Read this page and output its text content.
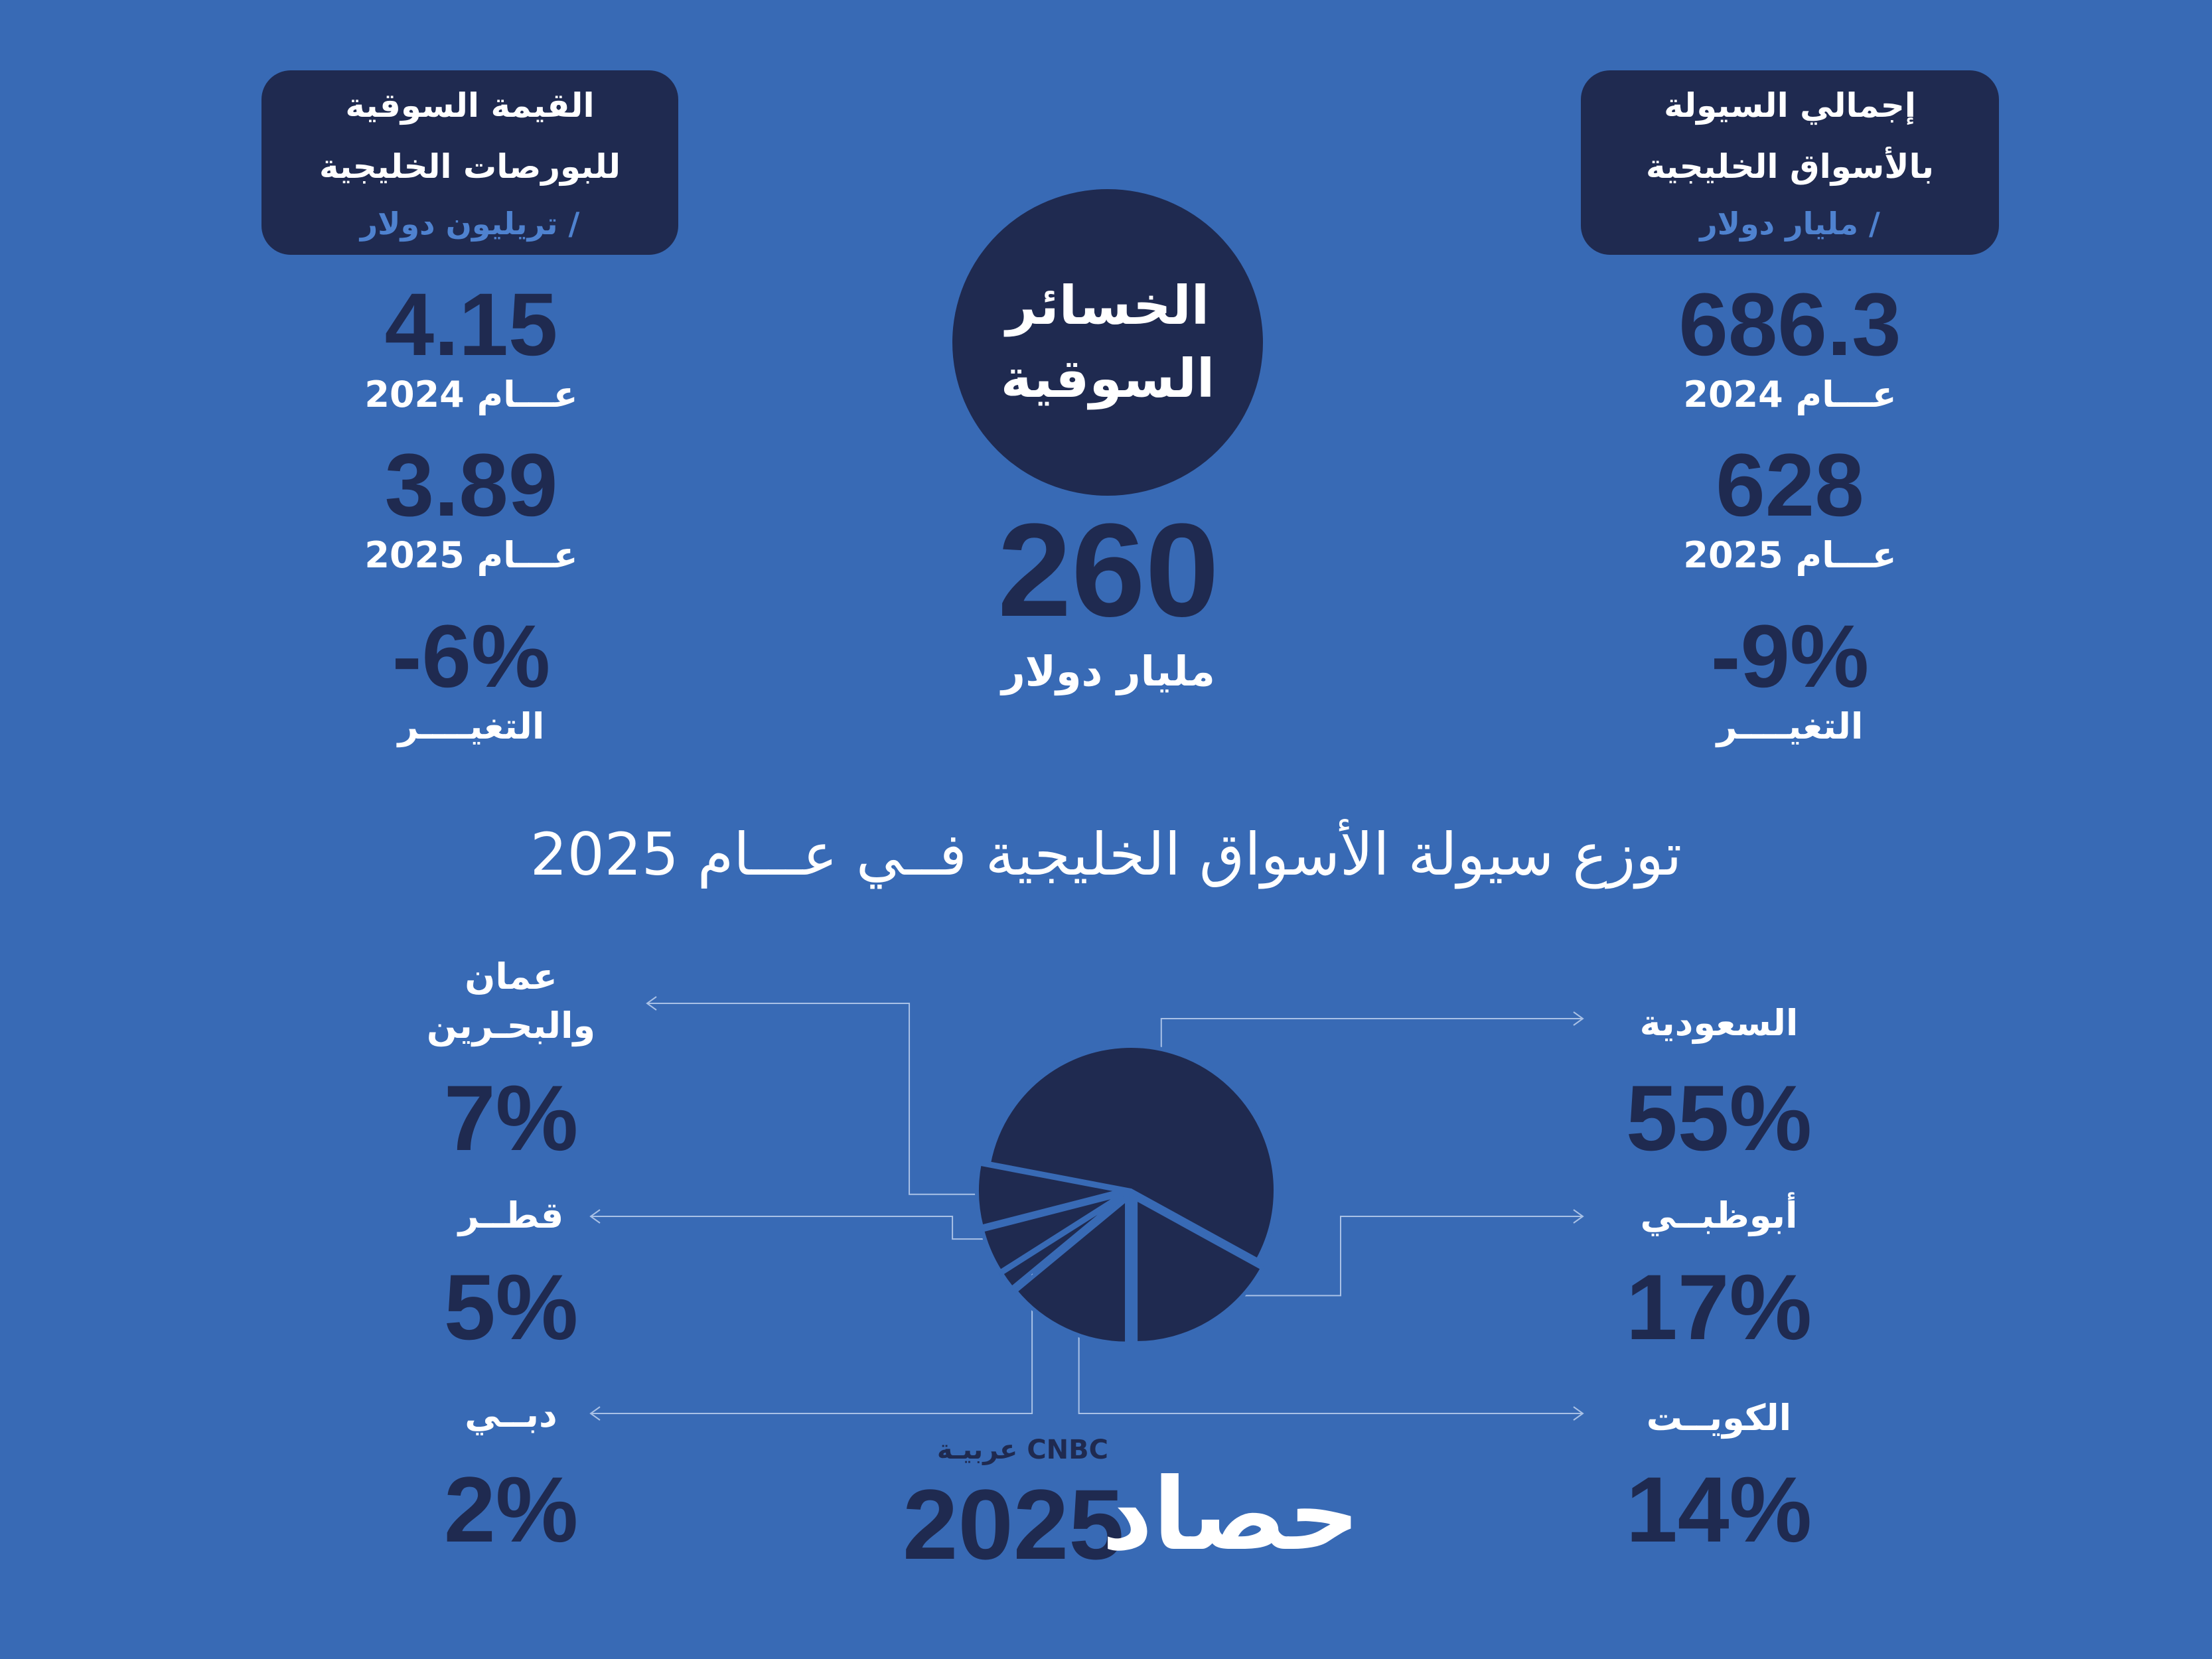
القيمة السوقية
للبورصات الخليجية
/ تريليون دولار
إجمالي السيولة
بالأسواق الخليجية
/ مليار دولار
4.15
عـــام 2024
3.89
عـــام 2025
-6%
التغيــــر
686.3
عـــام 2024
628
عـــام 2025
-9%
التغيــــر
الخسائر
السوقية
260
مليار دولار
توزع سيولة الأسواق الخليجية فــي عـــام 2025
السعودية
55%
أبوظبــي
17%
الكويــت
14%
عمان
والبحـرين
7%
قطــر
5%
دبــي
2%
CNBC عربيـة
2025
حصاد
